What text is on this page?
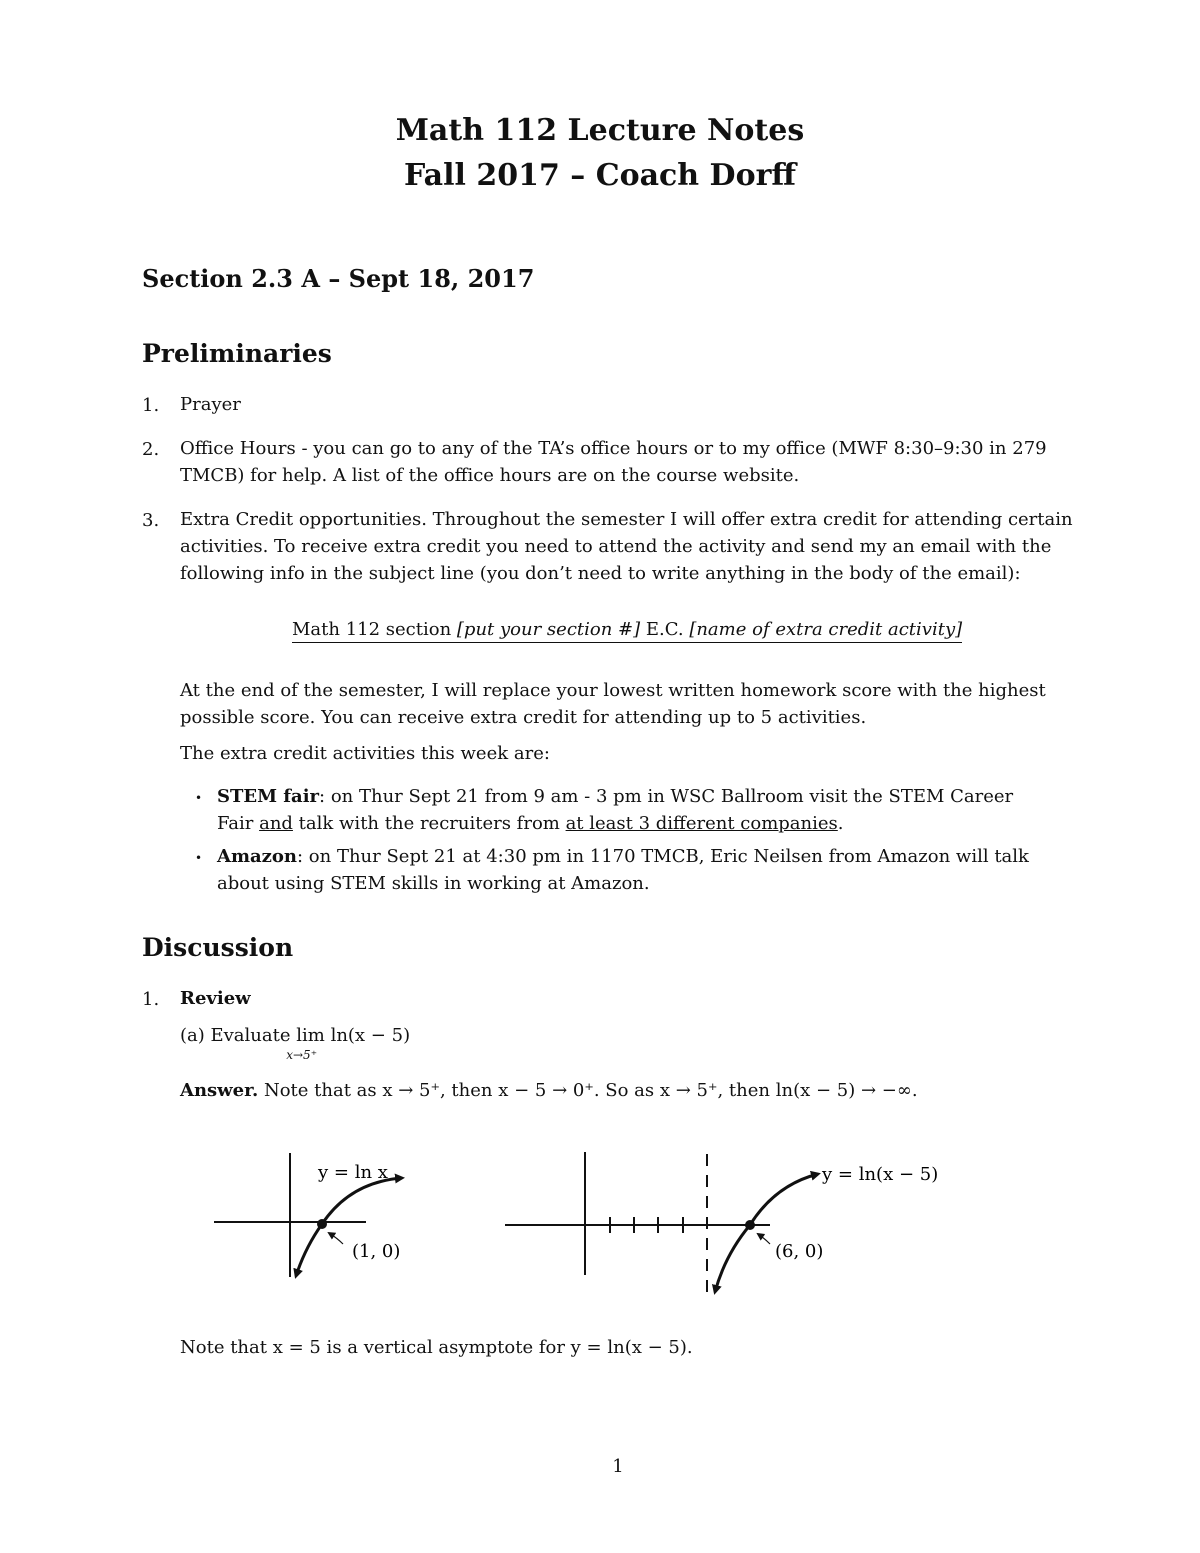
Math 112 Lecture Notes
Fall 2017 – Coach Dorff
Section 2.3 A – Sept 18, 2017
Preliminaries
1. Prayer
2. Office Hours - you can go to any of the TA’s office hours or to my office (MWF 8:30–9:30 in 279
TMCB) for help. A list of the office hours are on the course website.
3. Extra Credit opportunities. Throughout the semester I will offer extra credit for attending certain
activities. To receive extra credit you need to attend the activity and send my an email with the
following info in the subject line (you don’t need to write anything in the body of the email):
Math 112 section [put your section #] E.C. [name of extra credit activity]
At the end of the semester, I will replace your lowest written homework score with the highest
possible score. You can receive extra credit for attending up to 5 activities.
The extra credit activities this week are:
• STEM fair: on Thur Sept 21 from 9 am - 3 pm in WSC Ballroom visit the STEM Career
Fair and talk with the recruiters from at least 3 different companies.
• Amazon: on Thur Sept 21 at 4:30 pm in 1170 TMCB, Eric Neilsen from Amazon will talk
about using STEM skills in working at Amazon.
Discussion
1. Review
(a) Evaluate lim
x→5⁺
ln(x − 5)
Answer. Note that as x → 5⁺, then x − 5 → 0⁺. So as x → 5⁺, then ln(x − 5) → −∞.
y = ln x
(1, 0)
y = ln(x − 5)
(6, 0)
Note that x = 5 is a vertical asymptote for y = ln(x − 5).
1
